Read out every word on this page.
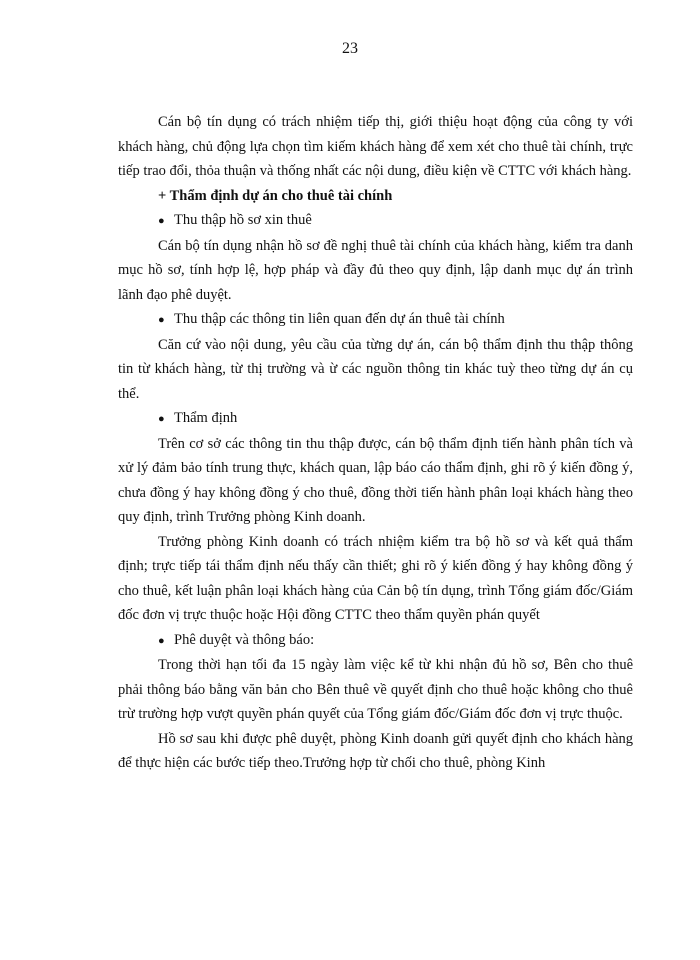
23

Cán bộ tín dụng có trách nhiệm tiếp thị, giới thiệu hoạt động của công ty với khách hàng, chủ động lựa chọn tìm kiếm khách hàng để xem xét cho thuê tài chính, trực tiếp trao đổi, thỏa thuận và thống nhất các nội dung, điều kiện về CTTC với khách hàng.

+ Thẩm định dự án cho thuê tài chính

● Thu thập hồ sơ xin thuê

Cán bộ tín dụng nhận hồ sơ đề nghị thuê tài chính của khách hàng, kiểm tra danh mục hồ sơ, tính hợp lệ, hợp pháp và đầy đủ theo quy định, lập danh mục dự án trình lãnh đạo phê duyệt.

● Thu thập các thông tin liên quan đến dự án thuê tài chính

Căn cứ vào nội dung, yêu cầu của từng dự án, cán bộ thẩm định thu thập thông tin từ khách hàng, từ thị trường và ừ các nguồn thông tin khác tuỳ theo từng dự án cụ thể.

● Thẩm định

Trên cơ sở các thông tin thu thập được, cán bộ thẩm định tiến hành phân tích và xử lý đảm bảo tính trung thực, khách quan, lập báo cáo thẩm định, ghi rõ ý kiến đồng ý, chưa đồng ý hay không đồng ý cho thuê, đồng thời tiến hành phân loại khách hàng theo quy định, trình Trưởng phòng Kinh doanh.

Trưởng phòng Kinh doanh có trách nhiệm kiểm tra bộ hồ sơ và kết quả thẩm định; trực tiếp tái thẩm định nếu thấy cần thiết; ghi rõ ý kiến đồng ý hay không đồng ý cho thuê, kết luận phân loại khách hàng của Cản bộ tín dụng, trình Tổng giám đốc/Giám đốc đơn vị trực thuộc hoặc Hội đồng CTTC theo thẩm quyền phán quyết

● Phê duyệt và thông báo:

Trong thời hạn tối đa 15 ngày làm việc kể từ khi nhận đủ hồ sơ, Bên cho thuê phải thông báo bằng văn bản cho Bên thuê về quyết định cho thuê hoặc không cho thuê trừ trường hợp vượt quyền phán quyết của Tổng giám đốc/Giám đốc đơn vị trực thuộc.

Hồ sơ sau khi được phê duyệt, phòng Kinh doanh gửi quyết định cho khách hàng để thực hiện các bước tiếp theo.Trưởng hợp từ chối cho thuê, phòng Kinh
